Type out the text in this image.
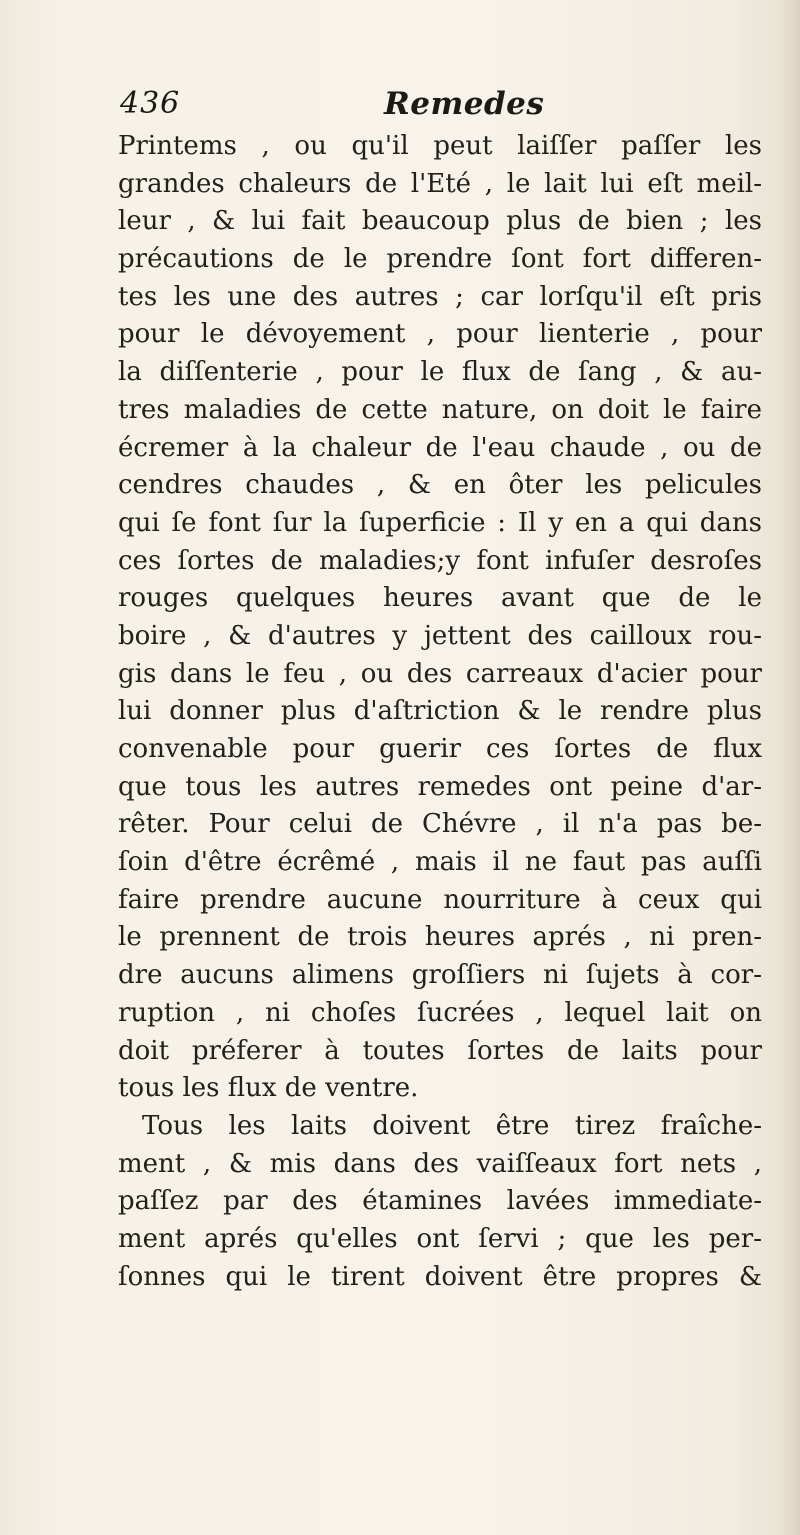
436	Remedes
Printems , ou qu'il peut laiſſer paſſer les
grandes chaleurs de l'Eté , le lait lui eſt meil-
leur , & lui fait beaucoup plus de bien ; les
précautions de le prendre ſont fort differen-
tes les une des autres ; car lorſqu'il eſt pris
pour le dévoyement , pour lienterie , pour
la diſſenterie , pour le flux de ſang , & au-
tres maladies de cette nature, on doit le faire
écremer à la chaleur de l'eau chaude , ou de
cendres chaudes , & en ôter les pelicules
qui ſe font ſur la ſuperficie : Il y en a qui dans
ces ſortes de maladies;y font infuſer desroſes
rouges quelques heures avant que de le
boire , & d'autres y jettent des cailloux rou-
gis dans le feu , ou des carreaux d'acier pour
lui donner plus d'aſtriction & le rendre plus
convenable pour guerir ces ſortes de flux
que tous les autres remedes ont peine d'ar-
rêter. Pour celui de Chévre , il n'a pas be-
ſoin d'être écrêmé , mais il ne faut pas auſſi
faire prendre aucune nourriture à ceux qui
le prennent de trois heures aprés , ni pren-
dre aucuns alimens groſſiers ni ſujets à cor-
ruption , ni choſes ſucrées , lequel lait on
doit préferer à toutes ſortes de laits pour
tous les flux de ventre.
Tous les laits doivent être tirez fraîche-
ment , & mis dans des vaiſſeaux fort nets ,
paſſez par des étamines lavées immediate-
ment aprés qu'elles ont ſervi ; que les per-
ſonnes qui le tirent doivent être propres &
